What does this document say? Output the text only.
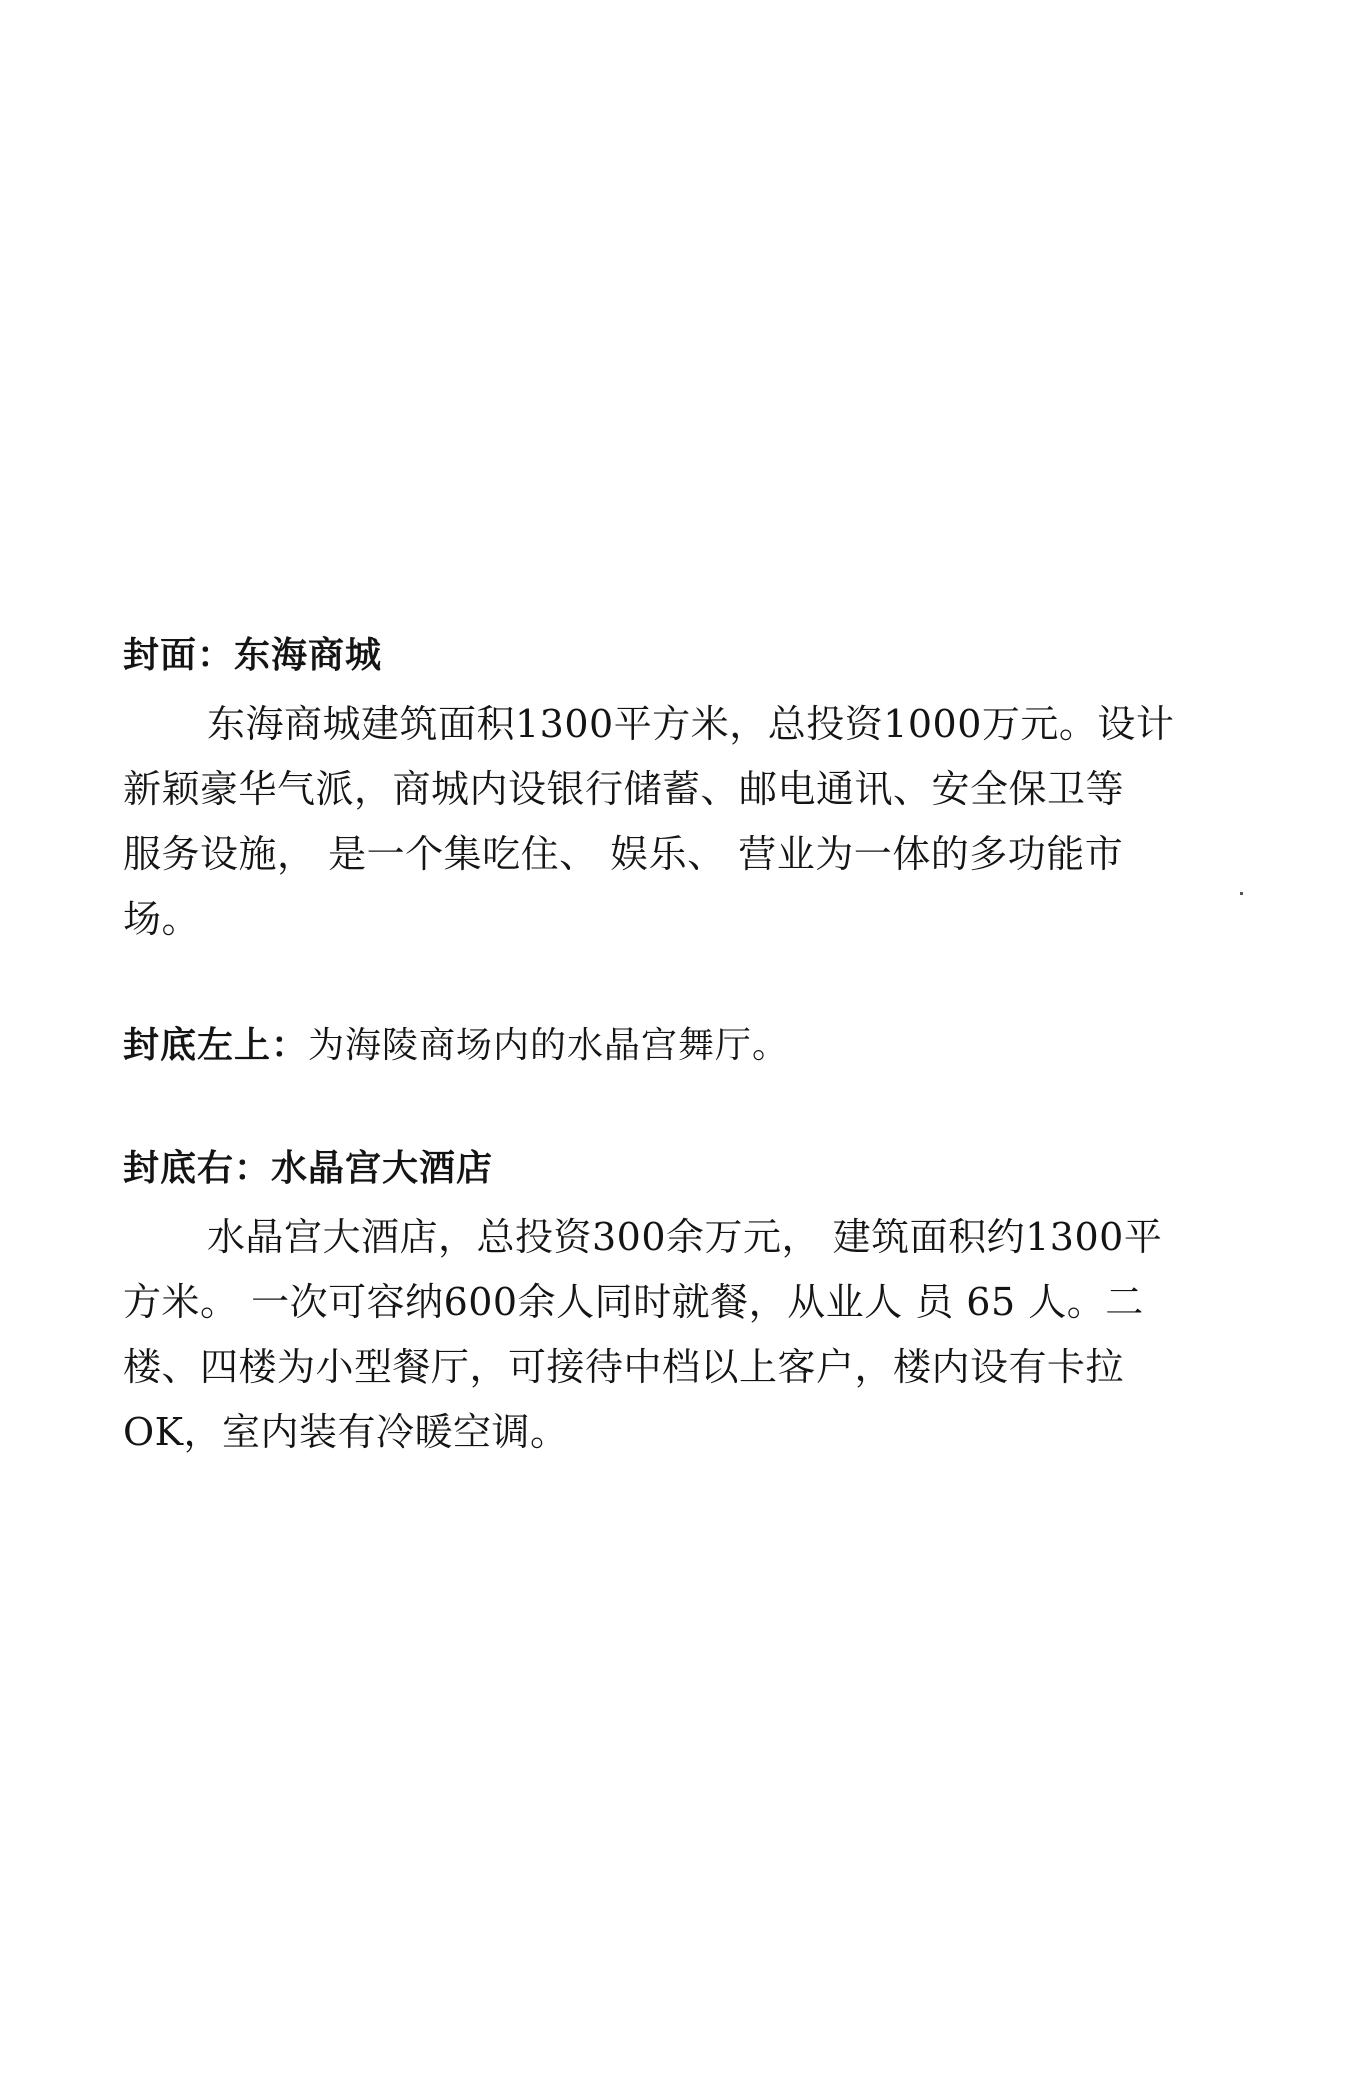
封面：东海商城

东海商城建筑面积1300平方米，总投资1000万元。设计
新颖豪华气派，商城内设银行储蓄、邮电通讯、安全保卫等
服务设施， 是一个集吃住、 娱乐、 营业为一体的多功能市
场。

封底左上：为海陵商场内的水晶宫舞厅。

封底右：水晶宫大酒店

水晶宫大酒店，总投资300余万元， 建筑面积约1300平
方米。 一次可容纳600余人同时就餐，从业人 员 65 人。二
楼、四楼为小型餐厅，可接待中档以上客户，楼内设有卡拉
OK，室内装有冷暖空调。
